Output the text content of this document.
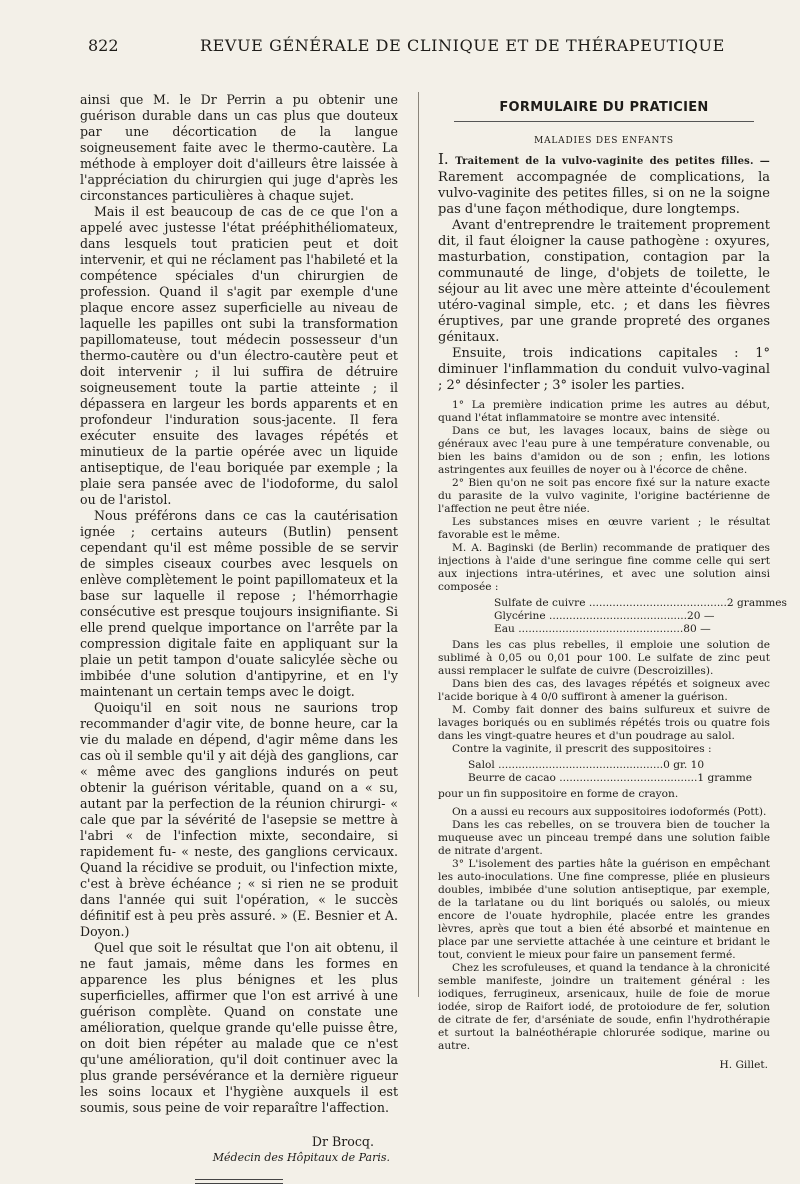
822	REVUE GÉNÉRALE DE CLINIQUE ET DE THÉRAPEUTIQUE

ainsi que M. le Dr Perrin a pu obtenir une guérison durable dans un cas plus que douteux par une décortication de la langue soigneusement faite avec le thermo-cautère. La méthode à employer doit d'ailleurs être laissée à l'appréciation du chirurgien qui juge d'après les circonstances particulières à chaque sujet.

Mais il est beaucoup de cas de ce que l'on a appelé avec justesse l'état prééphithéliomateux, dans lesquels tout praticien peut et doit intervenir, et qui ne réclament pas l'habileté et la compétence spéciales d'un chirurgien de profession. Quand il s'agit par exemple d'une plaque encore assez superficielle au niveau de laquelle les papilles ont subi la transformation papillomateuse, tout médecin possesseur d'un thermo-cautère ou d'un électro-cautère peut et doit intervenir ; il lui suffira de détruire soigneusement toute la partie atteinte ; il dépassera en largeur les bords apparents et en profondeur l'induration sous-jacente. Il fera exécuter ensuite des lavages répétés et minutieux de la partie opérée avec un liquide antiseptique, de l'eau boriquée par exemple ; la plaie sera pansée avec de l'iodoforme, du salol ou de l'aristol.

Nous préférons dans ce cas la cautérisation ignée ; certains auteurs (Butlin) pensent cependant qu'il est même possible de se servir de simples ciseaux courbes avec lesquels on enlève complètement le point papillomateux et la base sur laquelle il repose ; l'hémorrhagie consécutive est presque toujours insignifiante. Si elle prend quelque importance on l'arrête par la compression digitale faite en appliquant sur la plaie un petit tampon d'ouate salicylée sèche ou imbibée d'une solution d'antipyrine, et en l'y maintenant un certain temps avec le doigt.

Quoiqu'il en soit nous ne saurions trop recommander d'agir vite, de bonne heure, car la vie du malade en dépend, d'agir même dans les cas où il semble qu'il y ait déjà des ganglions, car « même avec des ganglions indurés on peut obtenir la guérison véritable, quand on a « su, autant par la perfection de la réunion chirurgi- « cale que par la sévérité de l'asepsie se mettre à l'abri « de l'infection mixte, secondaire, si rapidement fu- « neste, des ganglions cervicaux. Quand la récidive se produit, ou l'infection mixte, c'est à brève échéance ; « si rien ne se produit dans l'année qui suit l'opération, « le succès définitif est à peu près assuré. » (E. Besnier et A. Doyon.)

Quel que soit le résultat que l'on ait obtenu, il ne faut jamais, même dans les formes en apparence les plus bénignes et les plus superficielles, affirmer que l'on est arrivé à une guérison complète. Quand on constate une amélioration, quelque grande qu'elle puisse être, on doit bien répéter au malade que ce n'est qu'une amélioration, qu'il doit continuer avec la plus grande persévérance et la dernière rigueur les soins locaux et l'hygiène auxquels il est soumis, sous peine de voir reparaître l'affection.

Dr Brocq.
Médecin des Hôpitaux de Paris.
FORMULAIRE DU PRATICIEN
MALADIES DES ENFANTS

I. Traitement de la vulvo-vaginite des petites filles. — Rarement accompagnée de complications, la vulvo-vaginite des petites filles, si on ne la soigne pas d'une façon méthodique, dure longtemps.

Avant d'entreprendre le traitement proprement dit, il faut éloigner la cause pathogène : oxyures, masturbation, constipation, contagion par la communauté de linge, d'objets de toilette, le séjour au lit avec une mère atteinte d'écoulement utéro-vaginal simple, etc. ; et dans les fièvres éruptives, par une grande propreté des organes génitaux.

Ensuite, trois indications capitales : 1° diminuer l'inflammation du conduit vulvo-vaginal ; 2° désinfecter ; 3° isoler les parties.

1° La première indication prime les autres au début, quand l'état inflammatoire se montre avec intensité.

Dans ce but, les lavages locaux, bains de siège ou généraux avec l'eau pure à une température convenable, ou bien les bains d'amidon ou de son ; enfin, les lotions astringentes aux feuilles de noyer ou à l'écorce de chêne.

2° Bien qu'on ne soit pas encore fixé sur la nature exacte du parasite de la vulvo vaginite, l'origine bactérienne de l'affection ne peut être niée.

Les substances mises en œuvre varient ; le résultat favorable est le même.

M. A. Baginski (de Berlin) recommande de pratiquer des injections à l'aide d'une seringue fine comme celle qui sert aux injections intra-utérines, et avec une solution ainsi composée :

Sulfate de cuivre ......................................... 2 grammes
Glycérine ......................................... 20 —
Eau ................................................. 80 —

Dans les cas plus rebelles, il emploie une solution de sublimé à 0,05 ou 0,01 pour 100. Le sulfate de zinc peut aussi remplacer le sulfate de cuivre (Descroizilles).

Dans bien des cas, des lavages répétés et soigneux avec l'acide borique à 4 0/0 suffiront à amener la guérison.

M. Comby fait donner des bains sulfureux et suivre de lavages boriqués ou en sublimés répétés trois ou quatre fois dans les vingt-quatre heures et d'un poudrage au salol.

Contre la vaginite, il prescrit des suppositoires :

Salol ................................................. 0 gr. 10
Beurre de cacao ......................................... 1 gramme

pour un fin suppositoire en forme de crayon.

On a aussi eu recours aux suppositoires iodoformés (Pott).

Dans les cas rebelles, on se trouvera bien de toucher la muqueuse avec un pinceau trempé dans une solution faible de nitrate d'argent.

3° L'isolement des parties hâte la guérison en empêchant les auto-inoculations. Une fine compresse, pliée en plusieurs doubles, imbibée d'une solution antiseptique, par exemple, de la tarlatane ou du lint boriqués ou salolés, ou mieux encore de l'ouate hydrophile, placée entre les grandes lèvres, après que tout a bien été absorbé et maintenue en place par une serviette attachée à une ceinture et bridant le tout, convient le mieux pour faire un pansement fermé.

Chez les scrofuleuses, et quand la tendance à la chronicité semble manifeste, joindre un traitement général : les iodiques, ferrugineux, arsenicaux, huile de foie de morue iodée, sirop de Raifort iodé, de protoiodure de fer, solution de citrate de fer, d'arséniate de soude, enfin l'hydrothérapie et surtout la balnéothérapie chlorurée sodique, marine ou autre.

H. Gillet.
